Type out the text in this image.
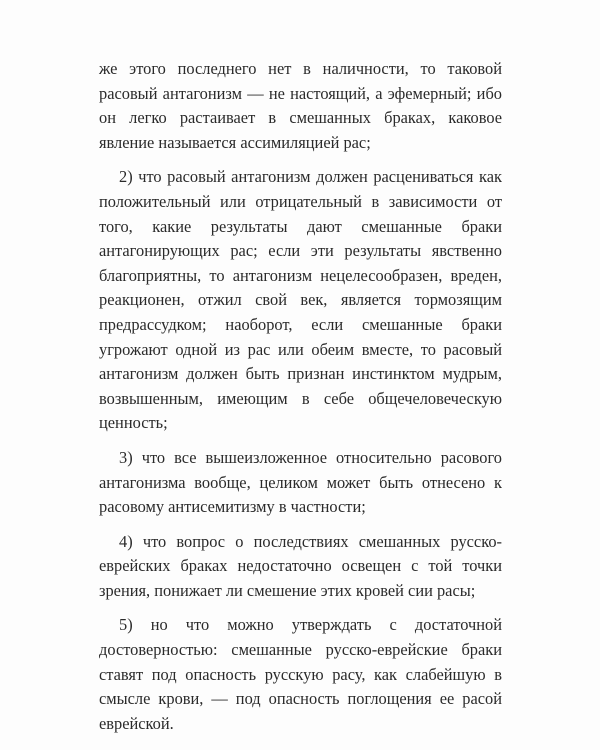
же этого последнего нет в наличности, то таковой расовый антагонизм — не настоящий, а эфемерный; ибо он легко растаивает в смешанных браках, каковое явление называется ассимиляцией рас;

2) что расовый антагонизм должен расцениваться как положительный или отрицательный в зависимости от того, какие результаты дают смешанные браки антагонирующих рас; если эти результаты явственно благоприятны, то антагонизм нецелесообразен, вреден, реакционен, отжил свой век, является тормозящим предрассудком; наоборот, если смешанные браки угрожают одной из рас или обеим вместе, то расовый антагонизм должен быть признан инстинктом мудрым, возвышенным, имеющим в себе общечеловеческую ценность;

3) что все вышеизложенное относительно расового антагонизма вообще, целиком может быть отнесено к расовому антисемитизму в частности;

4) что вопрос о последствиях смешанных русско-еврейских браках недостаточно освещен с той точки зрения, понижает ли смешение этих кровей сии расы;

5) но что можно утверждать с достаточной достоверностью: смешанные русско-еврейские браки ставят под опасность русскую расу, как слабейшую в смысле крови, — под опасность поглощения ее расой еврейской.
